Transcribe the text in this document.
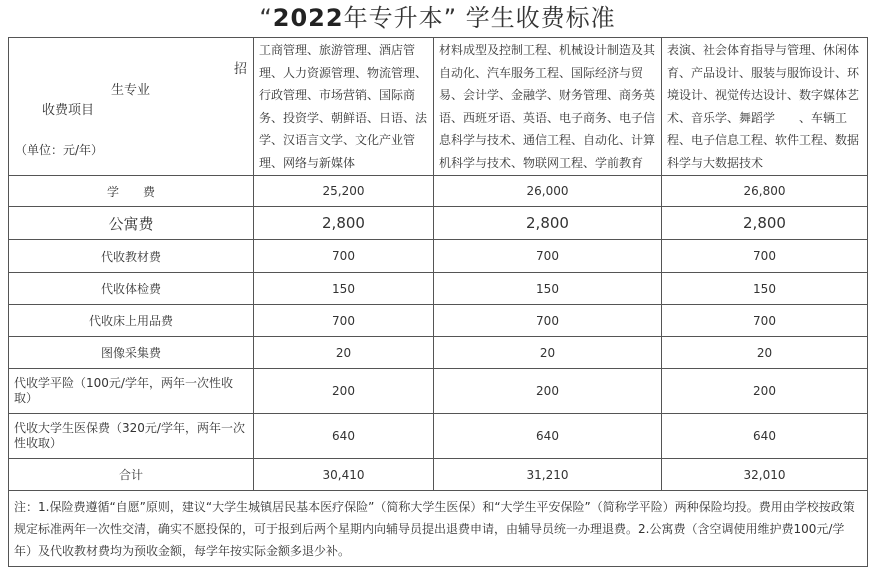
“2022年专升本” 学生收费标准
招
生专业
收费项目
（单位：元/年）	工商管理、旅游管理、酒店管理、人力资源管理、物流管理、行政管理、市场营销、国际商务、投资学、朝鲜语、日语、法学、汉语言文学、文化产业管理、网络与新媒体	材料成型及控制工程、机械设计制造及其自动化、汽车服务工程、国际经济与贸易、会计学、金融学、财务管理、商务英语、西班牙语、英语、电子商务、电子信息科学与技术、通信工程、自动化、计算机科学与技术、物联网工程、学前教育	表演、社会体育指导与管理、休闲体育、产品设计、服装与服饰设计、环境设计、视觉传达设计、数字媒体艺术、音乐学、舞蹈学　　、车辆工程、电子信息工程、软件工程、数据科学与大数据技术
学　　费	25,200	26,000	26,800
公寓费	2,800	2,800	2,800
代收教材费	700	700	700
代收体检费	150	150	150
代收床上用品费	700	700	700
图像采集费	20	20	20
代收学平险（100元/学年，两年一次性收取）	200	200	200
代收大学生医保费（320元/学年，两年一次性收取）	640	640	640
合计	30,410	31,210	32,010
注：1.保险费遵循“自愿”原则，建议“大学生城镇居民基本医疗保险”（简称大学生医保）和“大学生平安保险”（简称学平险）两种保险均投。费用由学校按政策规定标准两年一次性交清，确实不愿投保的，可于报到后两个星期内向辅导员提出退费申请，由辅导员统一办理退费。2.公寓费（含空调使用维护费100元/学年）及代收教材费均为预收金额，每学年按实际金额多退少补。			
